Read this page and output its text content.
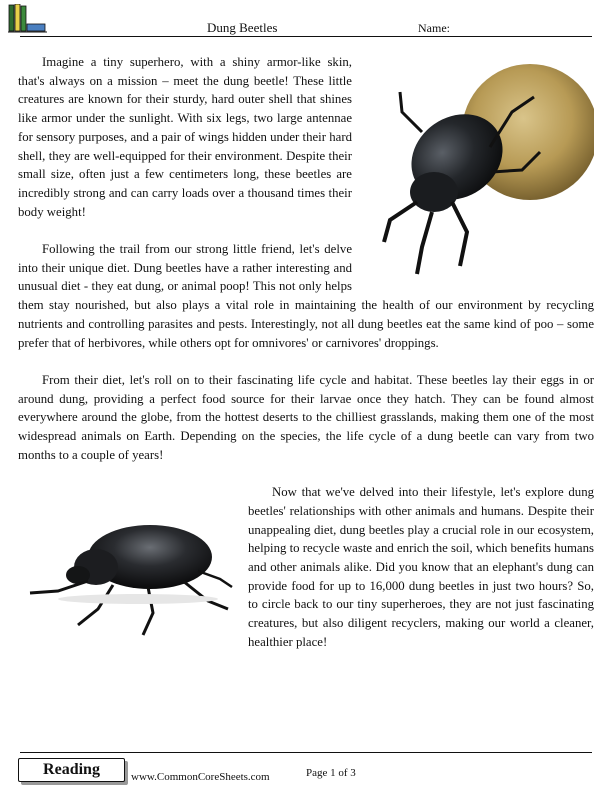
Dung Beetles	Name:

Imagine a tiny superhero, with a shiny armor-like skin, that's always on a mission – meet the dung beetle! These little creatures are known for their sturdy, hard outer shell that shines like armor under the sunlight. With six legs, two large antennae for sensory purposes, and a pair of wings hidden under their hard shell, they are well-equipped for their environment. Despite their small size, often just a few centimeters long, these beetles are incredibly strong and can carry loads over a thousand times their body weight!

Following the trail from our strong little friend, let's delve into their unique diet. Dung beetles have a rather interesting and unusual diet - they eat dung, or animal poop! This not only helps them stay nourished, but also plays a vital role in maintaining the health of our environment by recycling nutrients and controlling parasites and pests. Interestingly, not all dung beetles eat the same kind of poo – some prefer that of herbivores, while others opt for omnivores' or carnivores' droppings.

From their diet, let's roll on to their fascinating life cycle and habitat. These beetles lay their eggs in or around dung, providing a perfect food source for their larvae once they hatch. They can be found almost everywhere around the globe, from the hottest deserts to the chilliest grasslands, making them one of the most widespread animals on Earth. Depending on the species, the life cycle of a dung beetle can vary from two months to a couple of years!

Now that we've delved into their lifestyle, let's explore dung beetles' relationships with other animals and humans. Despite their unappealing diet, dung beetles play a crucial role in our ecosystem, helping to recycle waste and enrich the soil, which benefits humans and other animals alike. Did you know that an elephant's dung can provide food for up to 16,000 dung beetles in just two hours? So, to circle back to our tiny superheroes, they are not just fascinating creatures, but also diligent recyclers, making our world a cleaner, healthier place!

Reading	www.CommonCoreSheets.com	Page 1 of 3
